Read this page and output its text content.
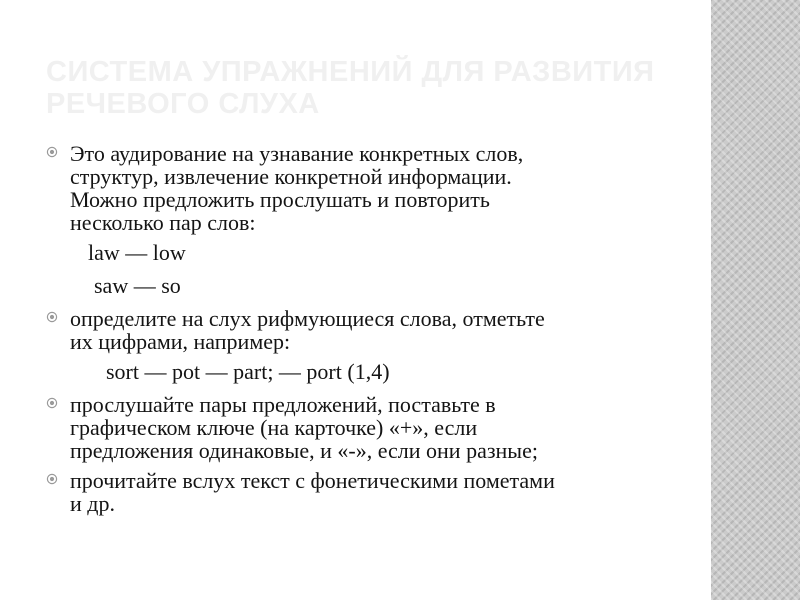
СИСТЕМА УПРАЖНЕНИЙ ДЛЯ РАЗВИТИЯ
РЕЧЕВОГО СЛУХА
Это аудирование на узнавание конкретных слов,
структур, извлечение конкретной информации.
Можно предложить прослушать и повторить
несколько пар слов:
law — low
saw — so
определите на слух рифмующиеся слова, отметьте
их цифрами, например:
sort — pot — part; — port (1,4)
прослушайте пары предложений, поставьте в
графическом ключе (на карточке) «+», если
предложения одинаковые, и «-», если они разные;
прочитайте вслух текст с фонетическими пометами
и др.
